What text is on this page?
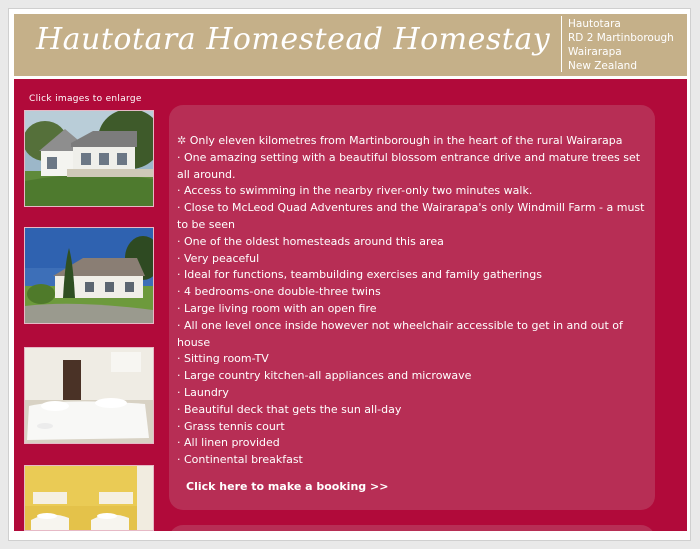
Hautotara Homestead Homestay Hautotara
RD 2 Martinborough
Wairarapa
New Zealand
Click images to enlarge
✲ Only eleven kilometres from Martinborough in the heart of the rural Wairarapa
· One amazing setting with a beautiful blossom entrance drive and mature trees set all around.
· Access to swimming in the nearby river-only two minutes walk.
· Close to McLeod Quad Adventures and the Wairarapa's only Windmill Farm - a must to be seen
· One of the oldest homesteads around this area
· Very peaceful
· Ideal for functions, teambuilding exercises and family gatherings
· 4 bedrooms-one double-three twins
· Large living room with an open fire
· All one level once inside however not wheelchair accessible to get in and out of house
· Sitting room-TV
· Large country kitchen-all appliances and microwave
· Laundry
· Beautiful deck that gets the sun all-day
· Grass tennis court
· All linen provided
· Continental breakfast
Click here to make a booking >>
